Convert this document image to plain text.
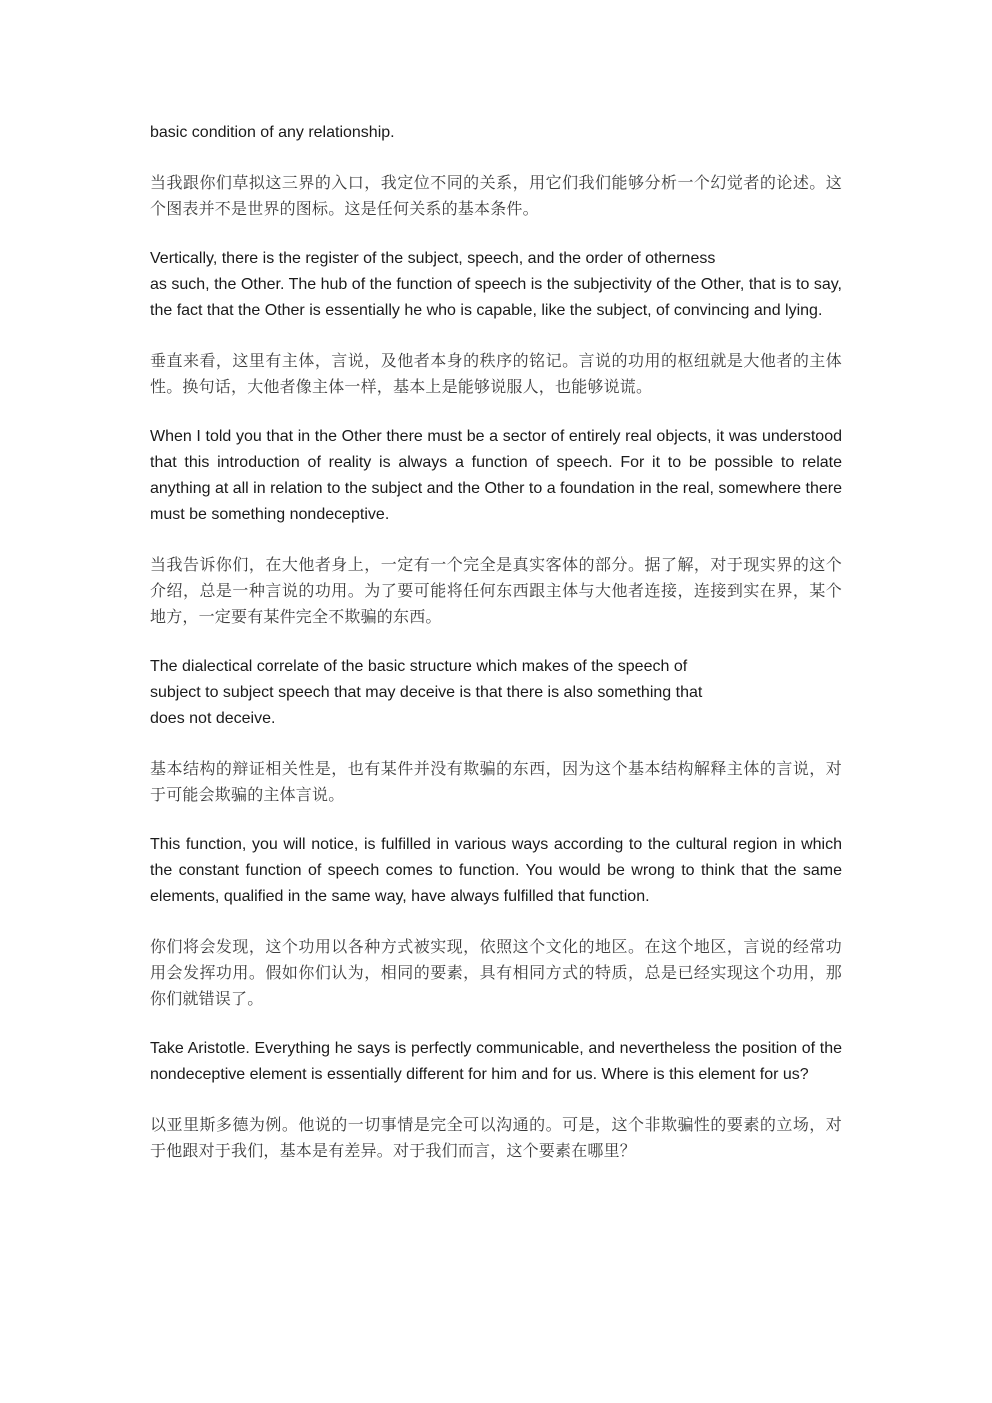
basic condition of any relationship.

当我跟你们草拟这三界的入口，我定位不同的关系，用它们我们能够分析一个幻觉者的论述。这个图表并不是世界的图标。这是任何关系的基本条件。

Vertically, there is the register of the subject, speech, and the order of otherness
as such, the Other. The hub of the function of speech is the subjectivity of the Other, that is to say, the fact that the Other is essentially he who is capable, like the subject, of convincing and lying.

垂直来看，这里有主体，言说，及他者本身的秩序的铭记。言说的功用的枢纽就是大他者的主体性。换句话，大他者像主体一样，基本上是能够说服人，也能够说谎。

When I told you that in the Other there must be a sector of entirely real objects, it was understood that this introduction of reality is always a function of speech. For it to be possible to relate anything at all in relation to the subject and the Other to a foundation in the real, somewhere there must be something nondeceptive.

当我告诉你们，在大他者身上，一定有一个完全是真实客体的部分。据了解，对于现实界的这个介绍，总是一种言说的功用。为了要可能将任何东西跟主体与大他者连接，连接到实在界，某个地方，一定要有某件完全不欺骗的东西。

The dialectical correlate of the basic structure which makes of the speech of
subject to subject speech that may deceive is that there is also something that
does not deceive.

基本结构的辩证相关性是，也有某件并没有欺骗的东西，因为这个基本结构解释主体的言说，对于可能会欺骗的主体言说。

This function, you will notice, is fulfilled in various ways according to the cultural region in which the constant function of speech comes to function. You would be wrong to think that the same elements, qualified in the same way, have always fulfilled that function.

你们将会发现，这个功用以各种方式被实现，依照这个文化的地区。在这个地区，言说的经常功用会发挥功用。假如你们认为，相同的要素，具有相同方式的特质，总是已经实现这个功用，那你们就错误了。

Take Aristotle. Everything he says is perfectly communicable, and nevertheless the position of the nondeceptive element is essentially different for him and for us. Where is this element for us?

以亚里斯多德为例。他说的一切事情是完全可以沟通的。可是，这个非欺骗性的要素的立场，对于他跟对于我们，基本是有差异。对于我们而言，这个要素在哪里？
